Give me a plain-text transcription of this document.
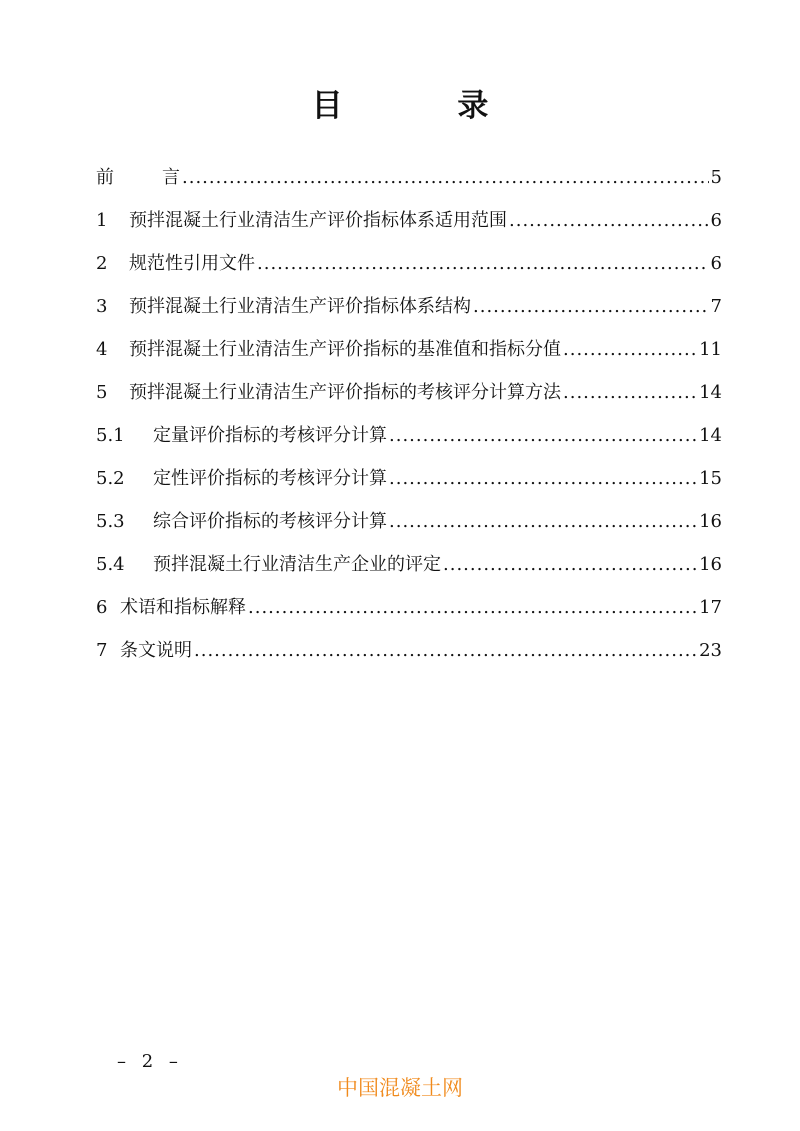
目 录
前	言 .....	5
1	预拌混凝土行业清洁生产评价指标体系适用范围 .....	6
2	规范性引用文件 .....	6
3	预拌混凝土行业清洁生产评价指标体系结构 .....	7
4	预拌混凝土行业清洁生产评价指标的基准值和指标分值 .....	11
5	预拌混凝土行业清洁生产评价指标的考核评分计算方法 .....	14
5.1	定量评价指标的考核评分计算 .....	14
5.2	定性评价指标的考核评分计算 .....	15
5.3	综合评价指标的考核评分计算 .....	16
5.4	预拌混凝土行业清洁生产企业的评定 .....	16
6 术语和指标解释 .....	17
7 条文说明 .....	23
– 2 –
中国混凝土网
